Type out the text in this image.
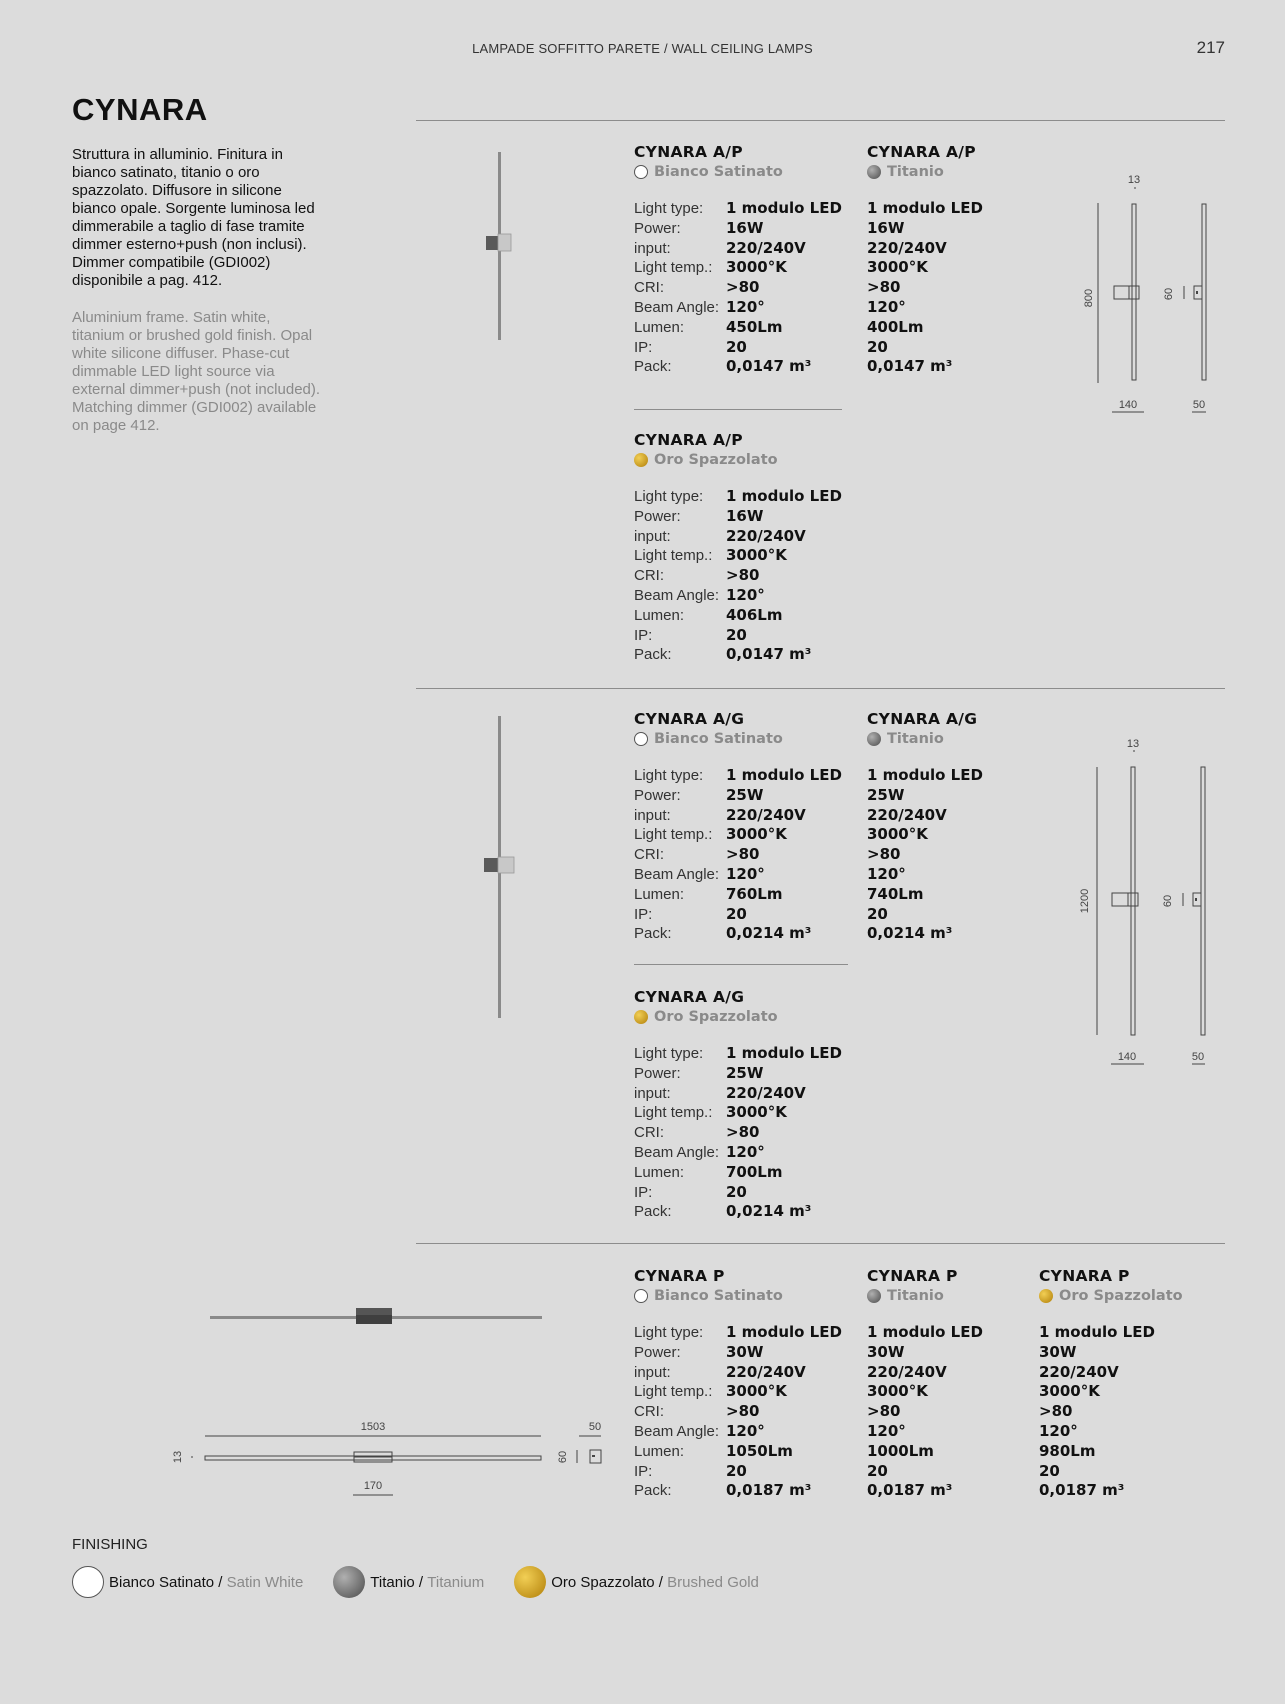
LAMPADE SOFFITTO PARETE / WALL CEILING LAMPS	217
CYNARA
Struttura in alluminio. Finitura in bianco satinato, titanio o oro spazzolato. Diffusore in silicone bianco opale. Sorgente luminosa led dimmerabile a taglio di fase tramite dimmer esterno+push (non inclusi). Dimmer compatibile (GDI002) disponibile a pag. 412.
Aluminium frame. Satin white, titanium or brushed gold finish. Opal white silicone diffuser. Phase-cut dimmable LED light source via external dimmer+push (not included). Matching dimmer (GDI002) available on page 412.
CYNARA A/P
Bianco Satinato
Light type:	1 modulo LED
Power:	16W
input:	220/240V
Light temp.: 3000°K
CRI:	>80
Beam Angle: 120°
Lumen:	450Lm
IP:	20
Pack:	0,0147 m³
CYNARA A/P
Titanio
1 modulo LED
16W
220/240V
3000°K
>80
120°
400Lm
20
0,0147 m³
CYNARA A/P
Oro Spazzolato
Light type:	1 modulo LED
Power:	16W
input:	220/240V
Light temp.: 3000°K
CRI:	>80
Beam Angle: 120°
Lumen:	406Lm
IP:	20
Pack:	0,0147 m³
13
800	60
140	50
CYNARA A/G
Bianco Satinato
Light type:	1 modulo LED
Power:	25W
input:	220/240V
Light temp.: 3000°K
CRI:	>80
Beam Angle: 120°
Lumen:	760Lm
IP:	20
Pack:	0,0214 m³
CYNARA A/G
Titanio
1 modulo LED
25W
220/240V
3000°K
>80
120°
740Lm
20
0,0214 m³
CYNARA A/G
Oro Spazzolato
Light type:	1 modulo LED
Power:	25W
input:	220/240V
Light temp.: 3000°K
CRI:	>80
Beam Angle: 120°
Lumen:	700Lm
IP:	20
Pack:	0,0214 m³
13
1200	60
140	50
1503	50
13	60
170
CYNARA P
Bianco Satinato
Light type:	1 modulo LED
Power:	30W
input:	220/240V
Light temp.: 3000°K
CRI:	>80
Beam Angle: 120°
Lumen:	1050Lm
IP:	20
Pack:	0,0187 m³
CYNARA P
Titanio
1 modulo LED
30W
220/240V
3000°K
>80
120°
1000Lm
20
0,0187 m³
CYNARA P
Oro Spazzolato
1 modulo LED
30W
220/240V
3000°K
>80
120°
980Lm
20
0,0187 m³
FINISHING
Bianco Satinato / Satin White	Titanio / Titanium	Oro Spazzolato / Brushed Gold
